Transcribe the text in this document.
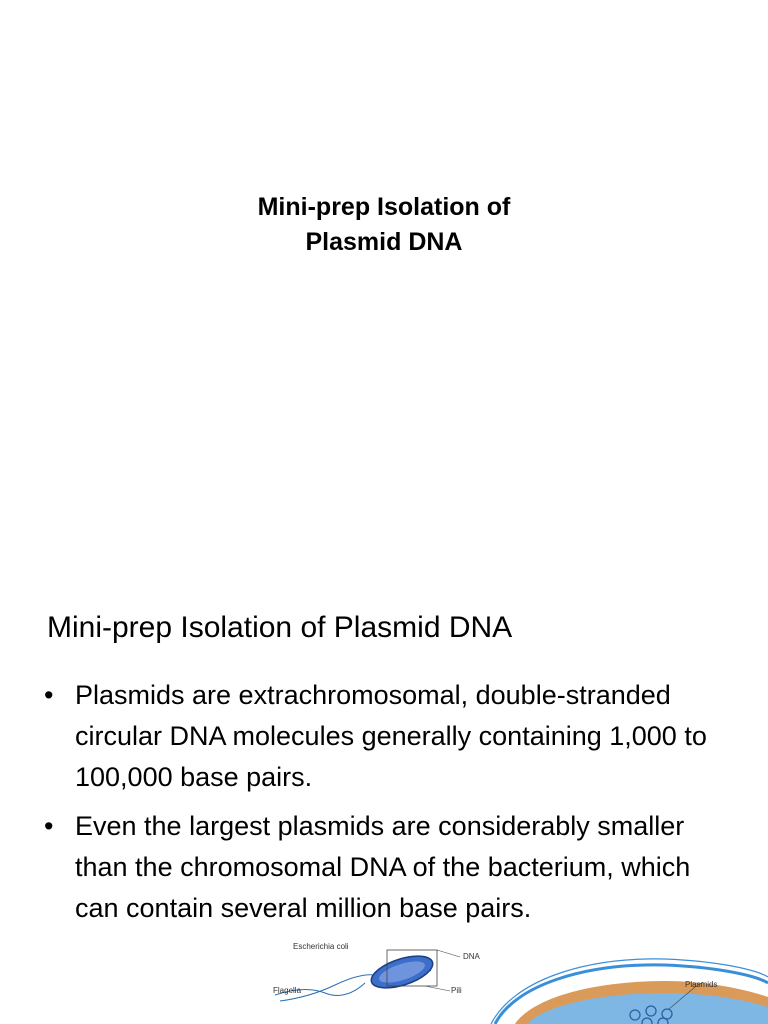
Mini-prep Isolation of
Plasmid DNA
Mini-prep Isolation of Plasmid DNA
• Plasmids are extrachromosomal, double-stranded circular DNA molecules generally containing 1,000 to 100,000 base pairs.
• Even the largest plasmids are considerably smaller than the chromosomal DNA of the bacterium, which can contain several million base pairs.
Escherichia coli
DNA
Flagella	Pili
Plasmids
